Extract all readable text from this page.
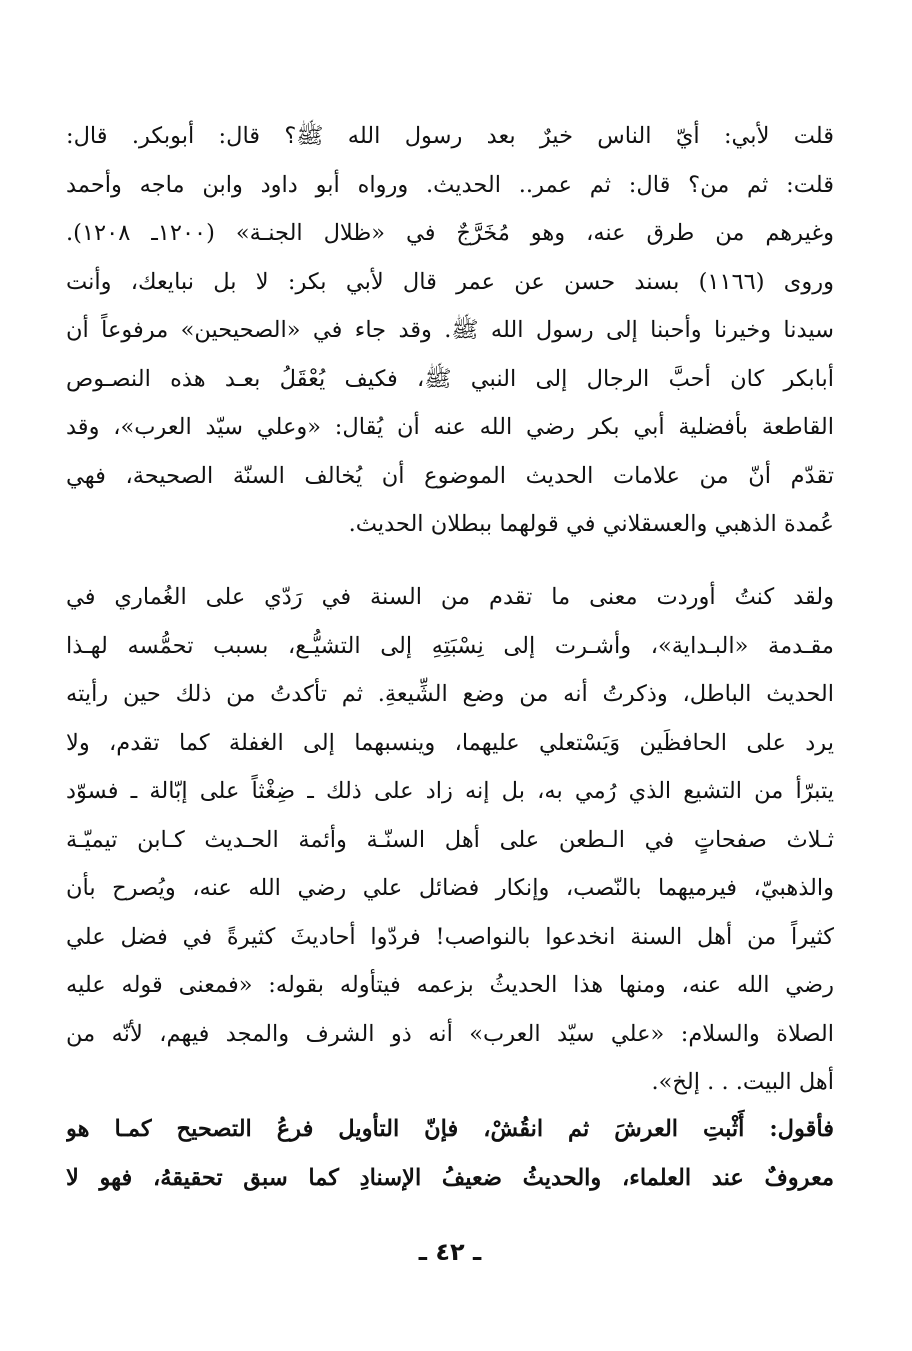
قلت لأبي: أيّ الناس خيرٌ بعد رسول الله ﷺ؟ قال: أبوبكر. قال:
قلت: ثم من؟ قال: ثم عمر.. الحديث. ورواه أبو داود وابن ماجه وأحمد
وغيرهم من طرق عنه، وهو مُخَرَّجٌ في «ظلال الجنـة» (١٢٠٠ـ ١٢٠٨).
وروى (١١٦٦) بسند حسن عن عمر قال لأبي بكر: لا بل نبايعك، وأنت
سيدنا وخيرنا وأحبنا إلى رسول الله ﷺ. وقد جاء في «الصحيحين» مرفوعاً أن
أبابكر كان أحبَّ الرجال إلى النبي ﷺ، فكيف يُعْقَلُ بعـد هذه النصـوص
القاطعة بأفضلية أبي بكر رضي الله عنه أن يُقال: «وعلي سيّد العرب»، وقد
تقدّم أنّ من علامات الحديث الموضوع أن يُخالف السنّة الصحيحة، فهي
عُمدة الذهبي والعسقلاني في قولهما ببطلان الحديث.

ولقد كنتُ أوردت معنى ما تقدم من السنة في رَدّي على الغُماري في
مقـدمة «البـداية»، وأشـرت إلى نِسْبَتِهِ إلى التشيُّـع، بسبب تحمُّسه لهـذا
الحديث الباطل، وذكرتُ أنه من وضع الشِّيعةِ. ثم تأكدتُ من ذلك حين رأيته
يرد على الحافظَين وَيَسْتعلي عليهما، وينسبهما إلى الغفلة كما تقدم، ولا
يتبرّأ من التشيع الذي رُمي به، بل إنه زاد على ذلك ـ ضِغْثاً على إبّالة ـ فسوّد
ثـلاث صفحاتٍ في الـطعن على أهل السنّـة وأئمة الحـديث كـابن تيميّـة
والذهبيّ، فيرميهما بالنّصب، وإنكار فضائل علي رضي الله عنه، ويُصرح بأن
كثيراً من أهل السنة انخدعوا بالنواصب! فردّوا أحاديثَ كثيرةً في فضل علي
رضي الله عنه، ومنها هذا الحديثُ بزعمه فيتأوله بقوله: «فمعنى قوله عليه
الصلاة والسلام: «علي سيّد العرب» أنه ذو الشرف والمجد فيهم، لأنّه من
أهل البيت. . . إلخ».

فأقول: أَثْبتِ العرشَ ثم انقُشْ، فإنّ التأويل فرعُ التصحيح كمـا هو
معروفٌ عند العلماء، والحديثُ ضعيفُ الإسنادِ كما سبق تحقيقهُ، فهو لا

ـ ٤٢ ـ
